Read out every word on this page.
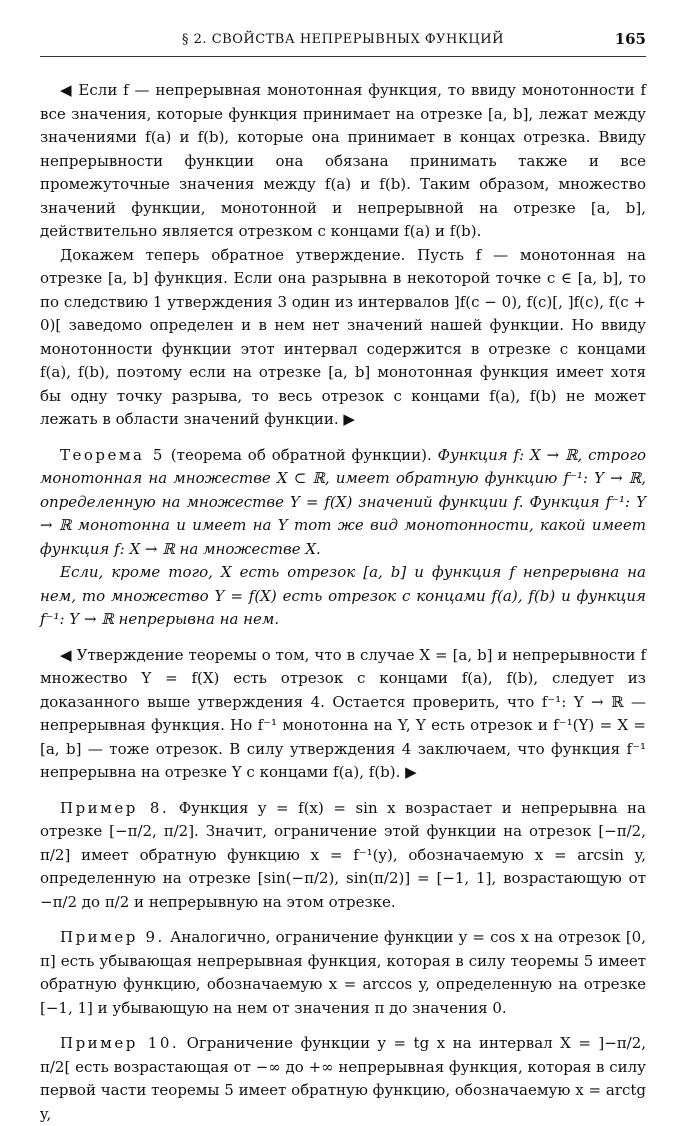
§ 2. СВОЙСТВА НЕПРЕРЫВНЫХ ФУНКЦИЙ	165

◀ Если f — непрерывная монотонная функция, то ввиду монотонности f все значения, которые функция принимает на отрезке [a, b], лежат между значениями f(a) и f(b), которые она принимает в концах отрезка. Ввиду непрерывности функции она обязана принимать также и все промежуточные значения между f(a) и f(b). Таким образом, множество значений функции, монотонной и непрерывной на отрезке [a, b], действительно является отрезком с концами f(a) и f(b).

Докажем теперь обратное утверждение. Пусть f — монотонная на отрезке [a, b] функция. Если она разрывна в некоторой точке c ∈ [a, b], то по следствию 1 утверждения 3 один из интервалов ]f(c − 0), f(c)[, ]f(c), f(c + 0)[ заведомо определен и в нем нет значений нашей функции. Но ввиду монотонности функции этот интервал содержится в отрезке с концами f(a), f(b), поэтому если на отрезке [a, b] монотонная функция имеет хотя бы одну точку разрыва, то весь отрезок с концами f(a), f(b) не может лежать в области значений функции. ▶

Теорема 5 (теорема об обратной функции). Функция f: X → ℝ, строго монотонная на множестве X ⊂ ℝ, имеет обратную функцию f⁻¹: Y → ℝ, определенную на множестве Y = f(X) значений функции f. Функция f⁻¹: Y → ℝ монотонна и имеет на Y тот же вид монотонности, какой имеет функция f: X → ℝ на множестве X.

Если, кроме того, X есть отрезок [a, b] и функция f непрерывна на нем, то множество Y = f(X) есть отрезок с концами f(a), f(b) и функция f⁻¹: Y → ℝ непрерывна на нем.

◀ Утверждение теоремы о том, что в случае X = [a, b] и непрерывности f множество Y = f(X) есть отрезок с концами f(a), f(b), следует из доказанного выше утверждения 4. Остается проверить, что f⁻¹: Y → ℝ — непрерывная функция. Но f⁻¹ монотонна на Y, Y есть отрезок и f⁻¹(Y) = X = [a, b] — тоже отрезок. В силу утверждения 4 заключаем, что функция f⁻¹ непрерывна на отрезке Y с концами f(a), f(b). ▶

Пример 8. Функция y = f(x) = sin x возрастает и непрерывна на отрезке [−π/2, π/2]. Значит, ограничение этой функции на отрезок [−π/2, π/2] имеет обратную функцию x = f⁻¹(y), обозначаемую x = arcsin y, определенную на отрезке [sin(−π/2), sin(π/2)] = [−1, 1], возрастающую от −π/2 до π/2 и непрерывную на этом отрезке.

Пример 9. Аналогично, ограничение функции y = cos x на отрезок [0, π] есть убывающая непрерывная функция, которая в силу теоремы 5 имеет обратную функцию, обозначаемую x = arccos y, определенную на отрезке [−1, 1] и убывающую на нем от значения π до значения 0.

Пример 10. Ограничение функции y = tg x на интервал X = ]−π/2, π/2[ есть возрастающая от −∞ до +∞ непрерывная функция, которая в силу первой части теоремы 5 имеет обратную функцию, обозначаемую x = arctg y,
